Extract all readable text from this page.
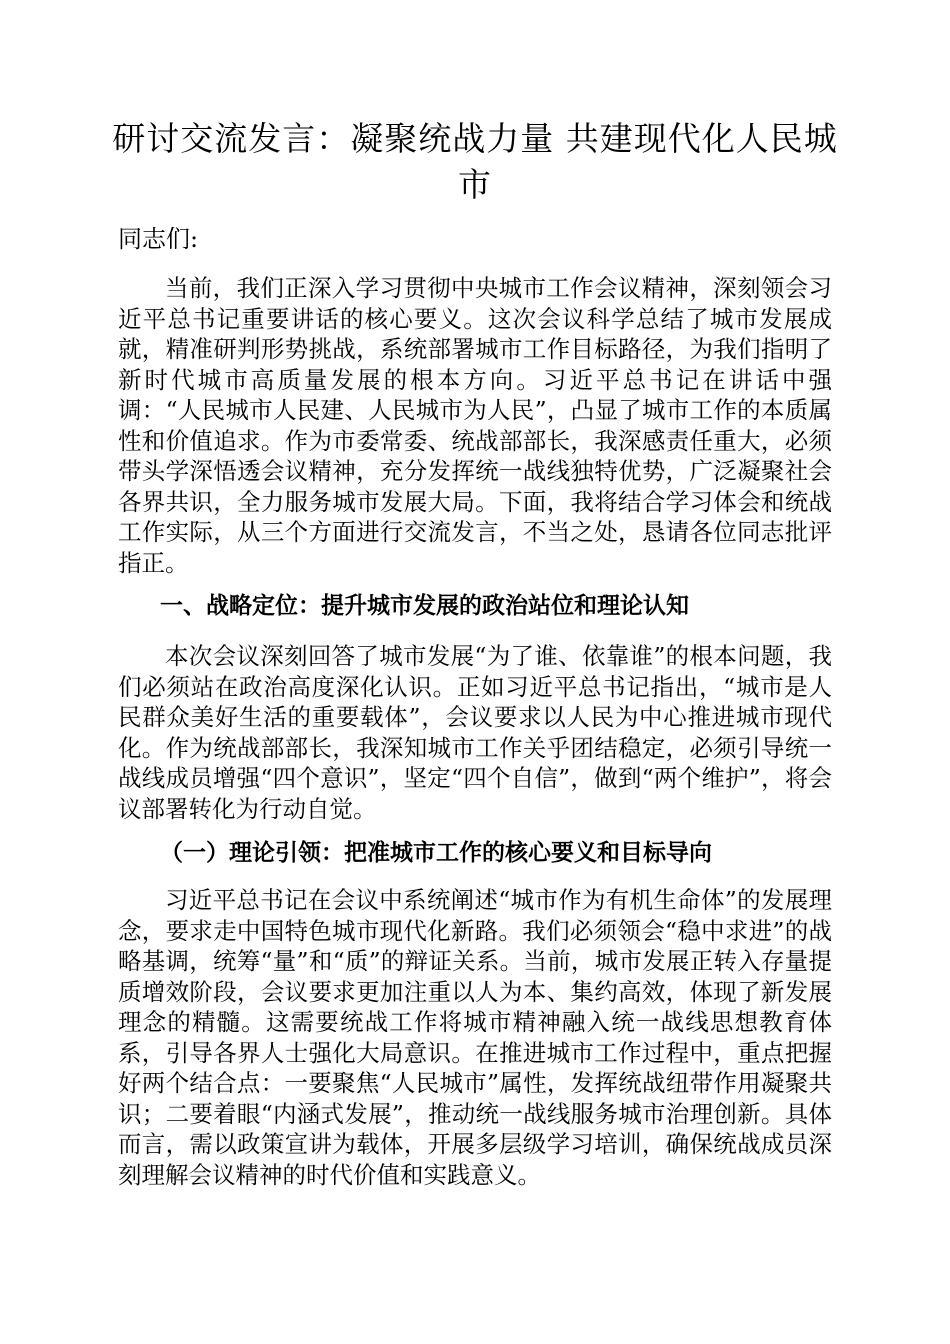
研讨交流发言：凝聚统战力量 共建现代化人民城市
同志们:

当前，我们正深入学习贯彻中央城市工作会议精神，深刻领会习近平总书记重要讲话的核心要义。这次会议科学总结了城市发展成就，精准研判形势挑战，系统部署城市工作目标路径，为我们指明了新时代城市高质量发展的根本方向。习近平总书记在讲话中强调：“人民城市人民建、人民城市为人民”，凸显了城市工作的本质属性和价值追求。作为市委常委、统战部部长，我深感责任重大，必须带头学深悟透会议精神，充分发挥统一战线独特优势，广泛凝聚社会各界共识，全力服务城市发展大局。下面，我将结合学习体会和统战工作实际，从三个方面进行交流发言，不当之处，恳请各位同志批评指正。

一、战略定位：提升城市发展的政治站位和理论认知

本次会议深刻回答了城市发展“为了谁、依靠谁”的根本问题，我们必须站在政治高度深化认识。正如习近平总书记指出，“城市是人民群众美好生活的重要载体”，会议要求以人民为中心推进城市现代化。作为统战部部长，我深知城市工作关乎团结稳定，必须引导统一战线成员增强“四个意识”，坚定“四个自信”，做到“两个维护”，将会议部署转化为行动自觉。

（一）理论引领：把准城市工作的核心要义和目标导向

习近平总书记在会议中系统阐述“城市作为有机生命体”的发展理念，要求走中国特色城市现代化新路。我们必须领会“稳中求进”的战略基调，统筹“量”和“质”的辩证关系。当前，城市发展正转入存量提质增效阶段，会议要求更加注重以人为本、集约高效，体现了新发展理念的精髓。这需要统战工作将城市精神融入统一战线思想教育体系，引导各界人士强化大局意识。在推进城市工作过程中，重点把握好两个结合点：一要聚焦“人民城市”属性，发挥统战纽带作用凝聚共识；二要着眼“内涵式发展”，推动统一战线服务城市治理创新。具体而言，需以政策宣讲为载体，开展多层级学习培训，确保统战成员深刻理解会议精神的时代价值和实践意义。
